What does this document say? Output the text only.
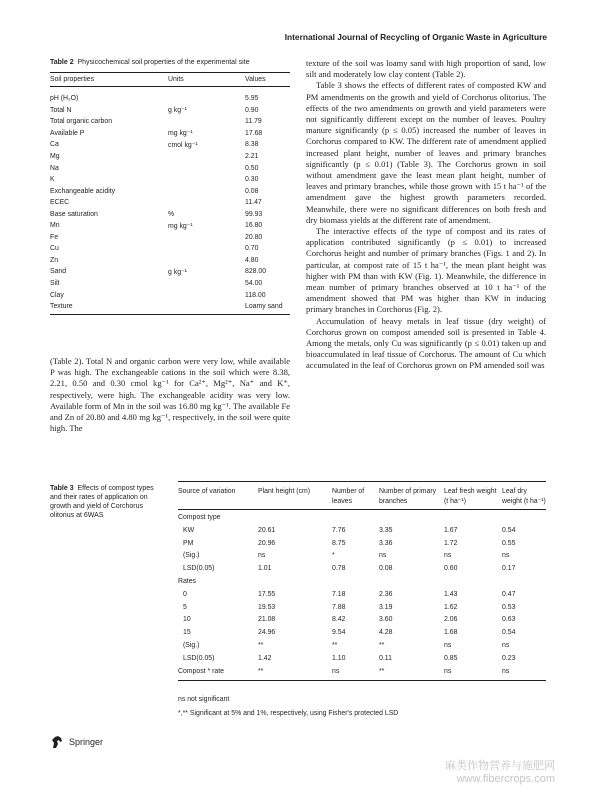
International Journal of Recycling of Organic Waste in Agriculture
Table 2 Physicochemical soil properties of the experimental site
Soil properties	Units	Values
pH (H₂O)		5.95
Total N	g kg⁻¹	0.90
Total organic carbon		11.79
Available P	mg kg⁻¹	17.68
Ca	cmol kg⁻¹	8.38
Mg		2.21
Na		0.50
K		0.30
Exchangeable acidity		0.08
ECEC		11.47
Base saturation	%	99.93
Mn	mg kg⁻¹	16.80
Fe		20.80
Cu		0.70
Zn		4.80
Sand	g kg⁻¹	828.00
Silt		54.00
Clay		118.00
Texture		Loamy sand

(Table 2). Total N and organic carbon were very low, while available P was high. The exchangeable cations in the soil which were 8.38, 2.21, 0.50 and 0.30 cmol kg⁻¹ for Ca²⁺, Mg²⁺, Na⁺ and K⁺, respectively, were high. The exchangeable acidity was very low. Available form of Mn in the soil was 16.80 mg kg⁻¹. The available Fe and Zn of 20.80 and 4.80 mg kg⁻¹, respectively, in the soil were quite high. The

texture of the soil was loamy sand with high proportion of sand, low silt and moderately low clay content (Table 2).

Table 3 shows the effects of different rates of composted KW and PM amendments on the growth and yield of Corchorus olitorius. The effects of the two amendments on growth and yield parameters were not significantly different except on the number of leaves. Poultry manure significantly (p ≤ 0.05) increased the number of leaves in Corchorus compared to KW. The different rate of amendment applied increased plant height, number of leaves and primary branches significantly (p ≤ 0.01) (Table 3). The Corchorus grown in soil without amendment gave the least mean plant height, number of leaves and primary branches, while those grown with 15 t ha⁻¹ of the amendment gave the highest growth parameters recorded. Meanwhile, there were no significant differences on both fresh and dry biomass yields at the different rate of amendment.

The interactive effects of the type of compost and its rates of application contributed significantly (p ≤ 0.01) to increased Corchorus height and number of primary branches (Figs. 1 and 2). In particular, at compost rate of 15 t ha⁻¹, the mean plant height was higher with PM than with KW (Fig. 1). Meanwhile, the difference in mean number of primary branches observed at 10 t ha⁻¹ of the amendment showed that PM was higher than KW in inducing primary branches in Corchorus (Fig. 2).

Accumulation of heavy metals in leaf tissue (dry weight) of Corchorus grown on compost amended soil is presented in Table 4. Among the metals, only Cu was significantly (p ≤ 0.01) taken up and bioaccumulated in leaf tissue of Corchorus. The amount of Cu which accumulated in the leaf of Corchorus grown on PM amended soil was

Table 3 Effects of compost types and their rates of application on growth and yield of Corchorus olitorius at 6WAS
Source of variation	Plant height (cm)	Number of leaves	Number of primary branches	Leaf fresh weight (t ha⁻¹)	Leaf dry weight (t ha⁻¹)
Compost type					
KW	20.61	7.76	3.35	1.67	0.54
PM	20.96	8.75	3.36	1.72	0.55
(Sig.)	ns	*	ns	ns	ns
LSD(0.05)	1.01	0.78	0.08	0.60	0.17
Rates					
0	17.55	7.18	2.36	1.43	0.47
5	19.53	7.88	3.19	1.62	0.53
10	21.08	8.42	3.60	2.06	0.63
15	24.96	9.54	4.28	1.68	0.54
(Sig.)	**	**	**	ns	ns
LSD(0.05)	1.42	1.10	0.11	0.85	0.23
Compost * rate	**	ns	**	ns	ns

ns not significant

*,** Significant at 5% and 1%, respectively, using Fisher's protected LSD

Springer
麻类作物营养与施肥网
www.fibercrops.com
